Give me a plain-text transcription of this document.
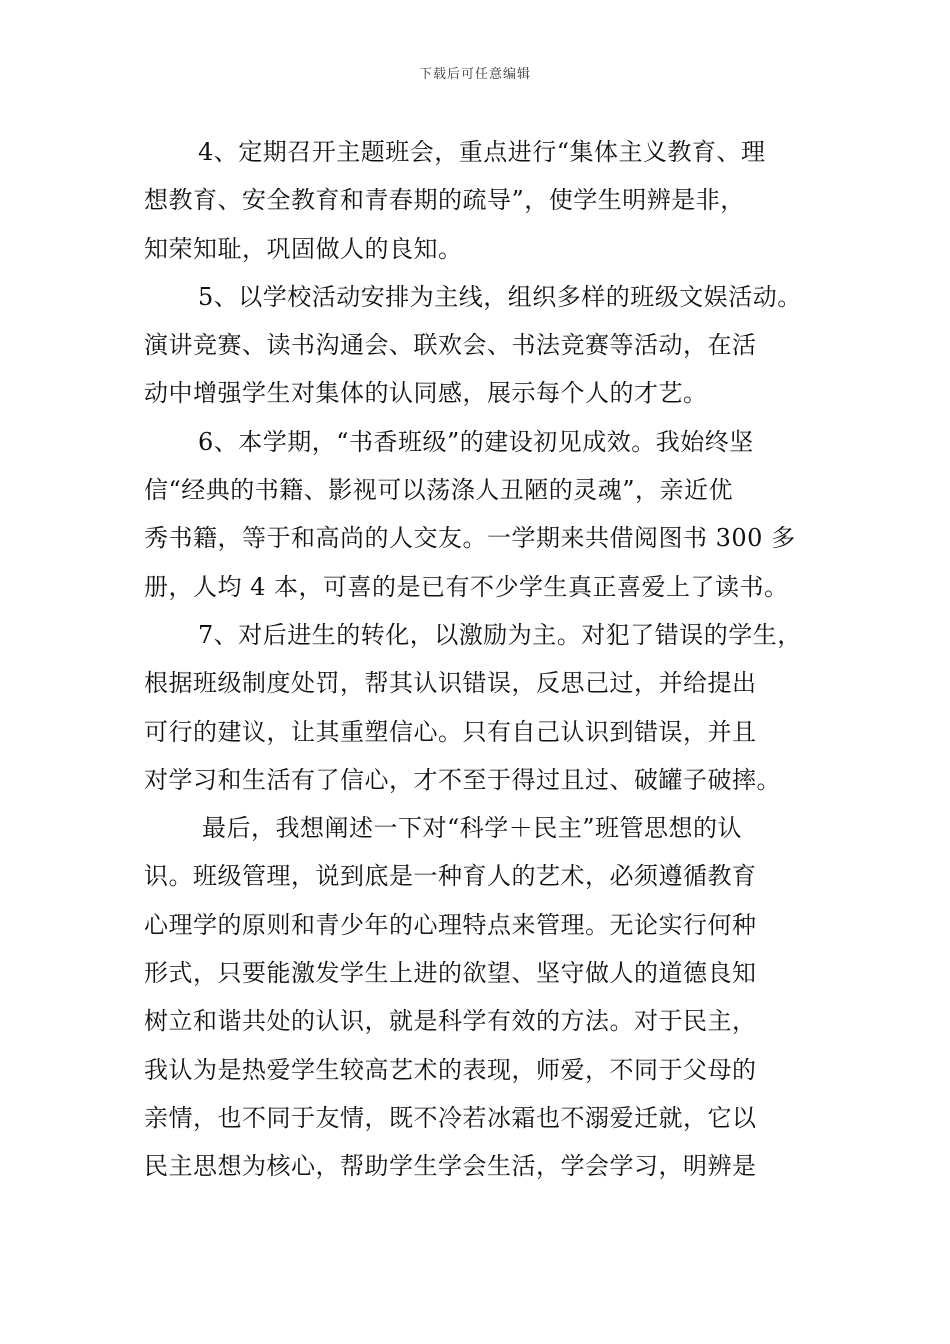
下载后可任意编辑
4、定期召开主题班会，重点进行“集体主义教育、理
想教育、安全教育和青春期的疏导”，使学生明辨是非，
知荣知耻，巩固做人的良知。
5、以学校活动安排为主线，组织多样的班级文娱活动。
演讲竞赛、读书沟通会、联欢会、书法竞赛等活动，在活
动中增强学生对集体的认同感，展示每个人的才艺。
6、本学期，“书香班级”的建设初见成效。我始终坚
信“经典的书籍、影视可以荡涤人丑陋的灵魂”，亲近优
秀书籍，等于和高尚的人交友。一学期来共借阅图书 300 多
册，人均 4 本，可喜的是已有不少学生真正喜爱上了读书。
7、对后进生的转化，以激励为主。对犯了错误的学生，
根据班级制度处罚，帮其认识错误，反思己过，并给提出
可行的建议，让其重塑信心。只有自己认识到错误，并且
对学习和生活有了信心，才不至于得过且过、破罐子破摔。
最后，我想阐述一下对“科学＋民主”班管思想的认
识。班级管理，说到底是一种育人的艺术，必须遵循教育
心理学的原则和青少年的心理特点来管理。无论实行何种
形式，只要能激发学生上进的欲望、坚守做人的道德良知
树立和谐共处的认识，就是科学有效的方法。对于民主，
我认为是热爱学生较高艺术的表现，师爱，不同于父母的
亲情，也不同于友情，既不冷若冰霜也不溺爱迁就，它以
民主思想为核心，帮助学生学会生活，学会学习，明辨是
